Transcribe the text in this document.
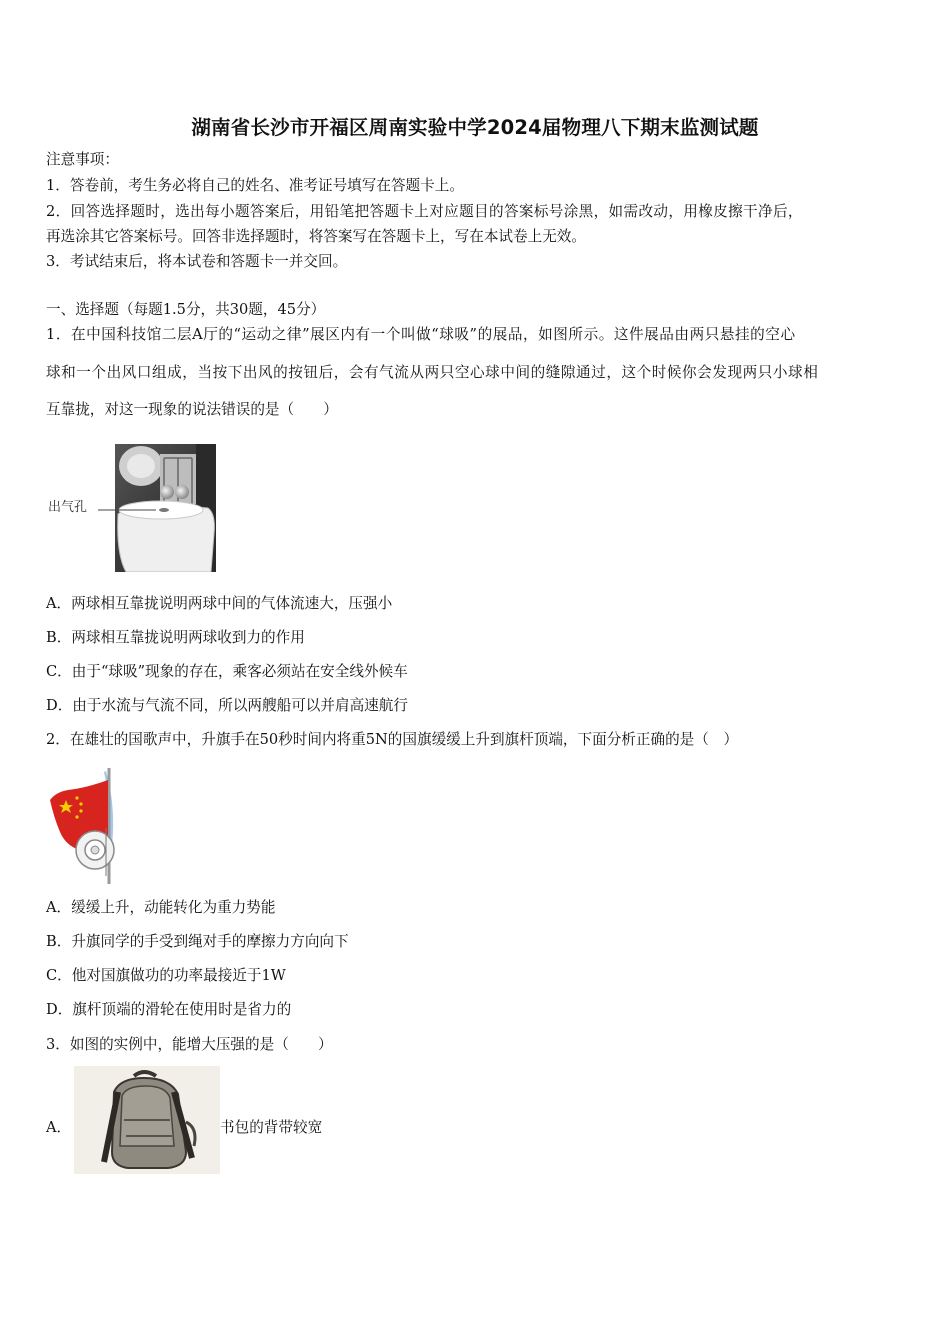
湖南省长沙市开福区周南实验中学2024届物理八下期末监测试题
注意事项：
1．答卷前，考生务必将自己的姓名、准考证号填写在答题卡上。
2．回答选择题时，选出每小题答案后，用铅笔把答题卡上对应题目的答案标号涂黑，如需改动，用橡皮擦干净后，
再选涂其它答案标号。回答非选择题时，将答案写在答题卡上，写在本试卷上无效。
3．考试结束后，将本试卷和答题卡一并交回。
一、选择题（每题1.5分，共30题，45分）
1．在中国科技馆二层A厅的“运动之律”展区内有一个叫做“球吸”的展品，如图所示。这件展品由两只悬挂的空心
球和一个出风口组成，当按下出风的按钮后，会有气流从两只空心球中间的缝隙通过，这个时候你会发现两只小球相
互靠拢，对这一现象的说法错误的是（　　）
出气孔
A．两球相互靠拢说明两球中间的气体流速大，压强小
B．两球相互靠拢说明两球收到力的作用
C．由于“球吸”现象的存在，乘客必须站在安全线外候车
D．由于水流与气流不同，所以两艘船可以并肩高速航行
2．在雄壮的国歌声中，升旗手在50秒时间内将重5N的国旗缓缓上升到旗杆顶端，下面分析正确的是（　）
A．缓缓上升，动能转化为重力势能
B．升旗同学的手受到绳对手的摩擦力方向向下
C．他对国旗做功的功率最接近于1W
D．旗杆顶端的滑轮在使用时是省力的
3．如图的实例中，能增大压强的是（　　）
A．	书包的背带较宽
